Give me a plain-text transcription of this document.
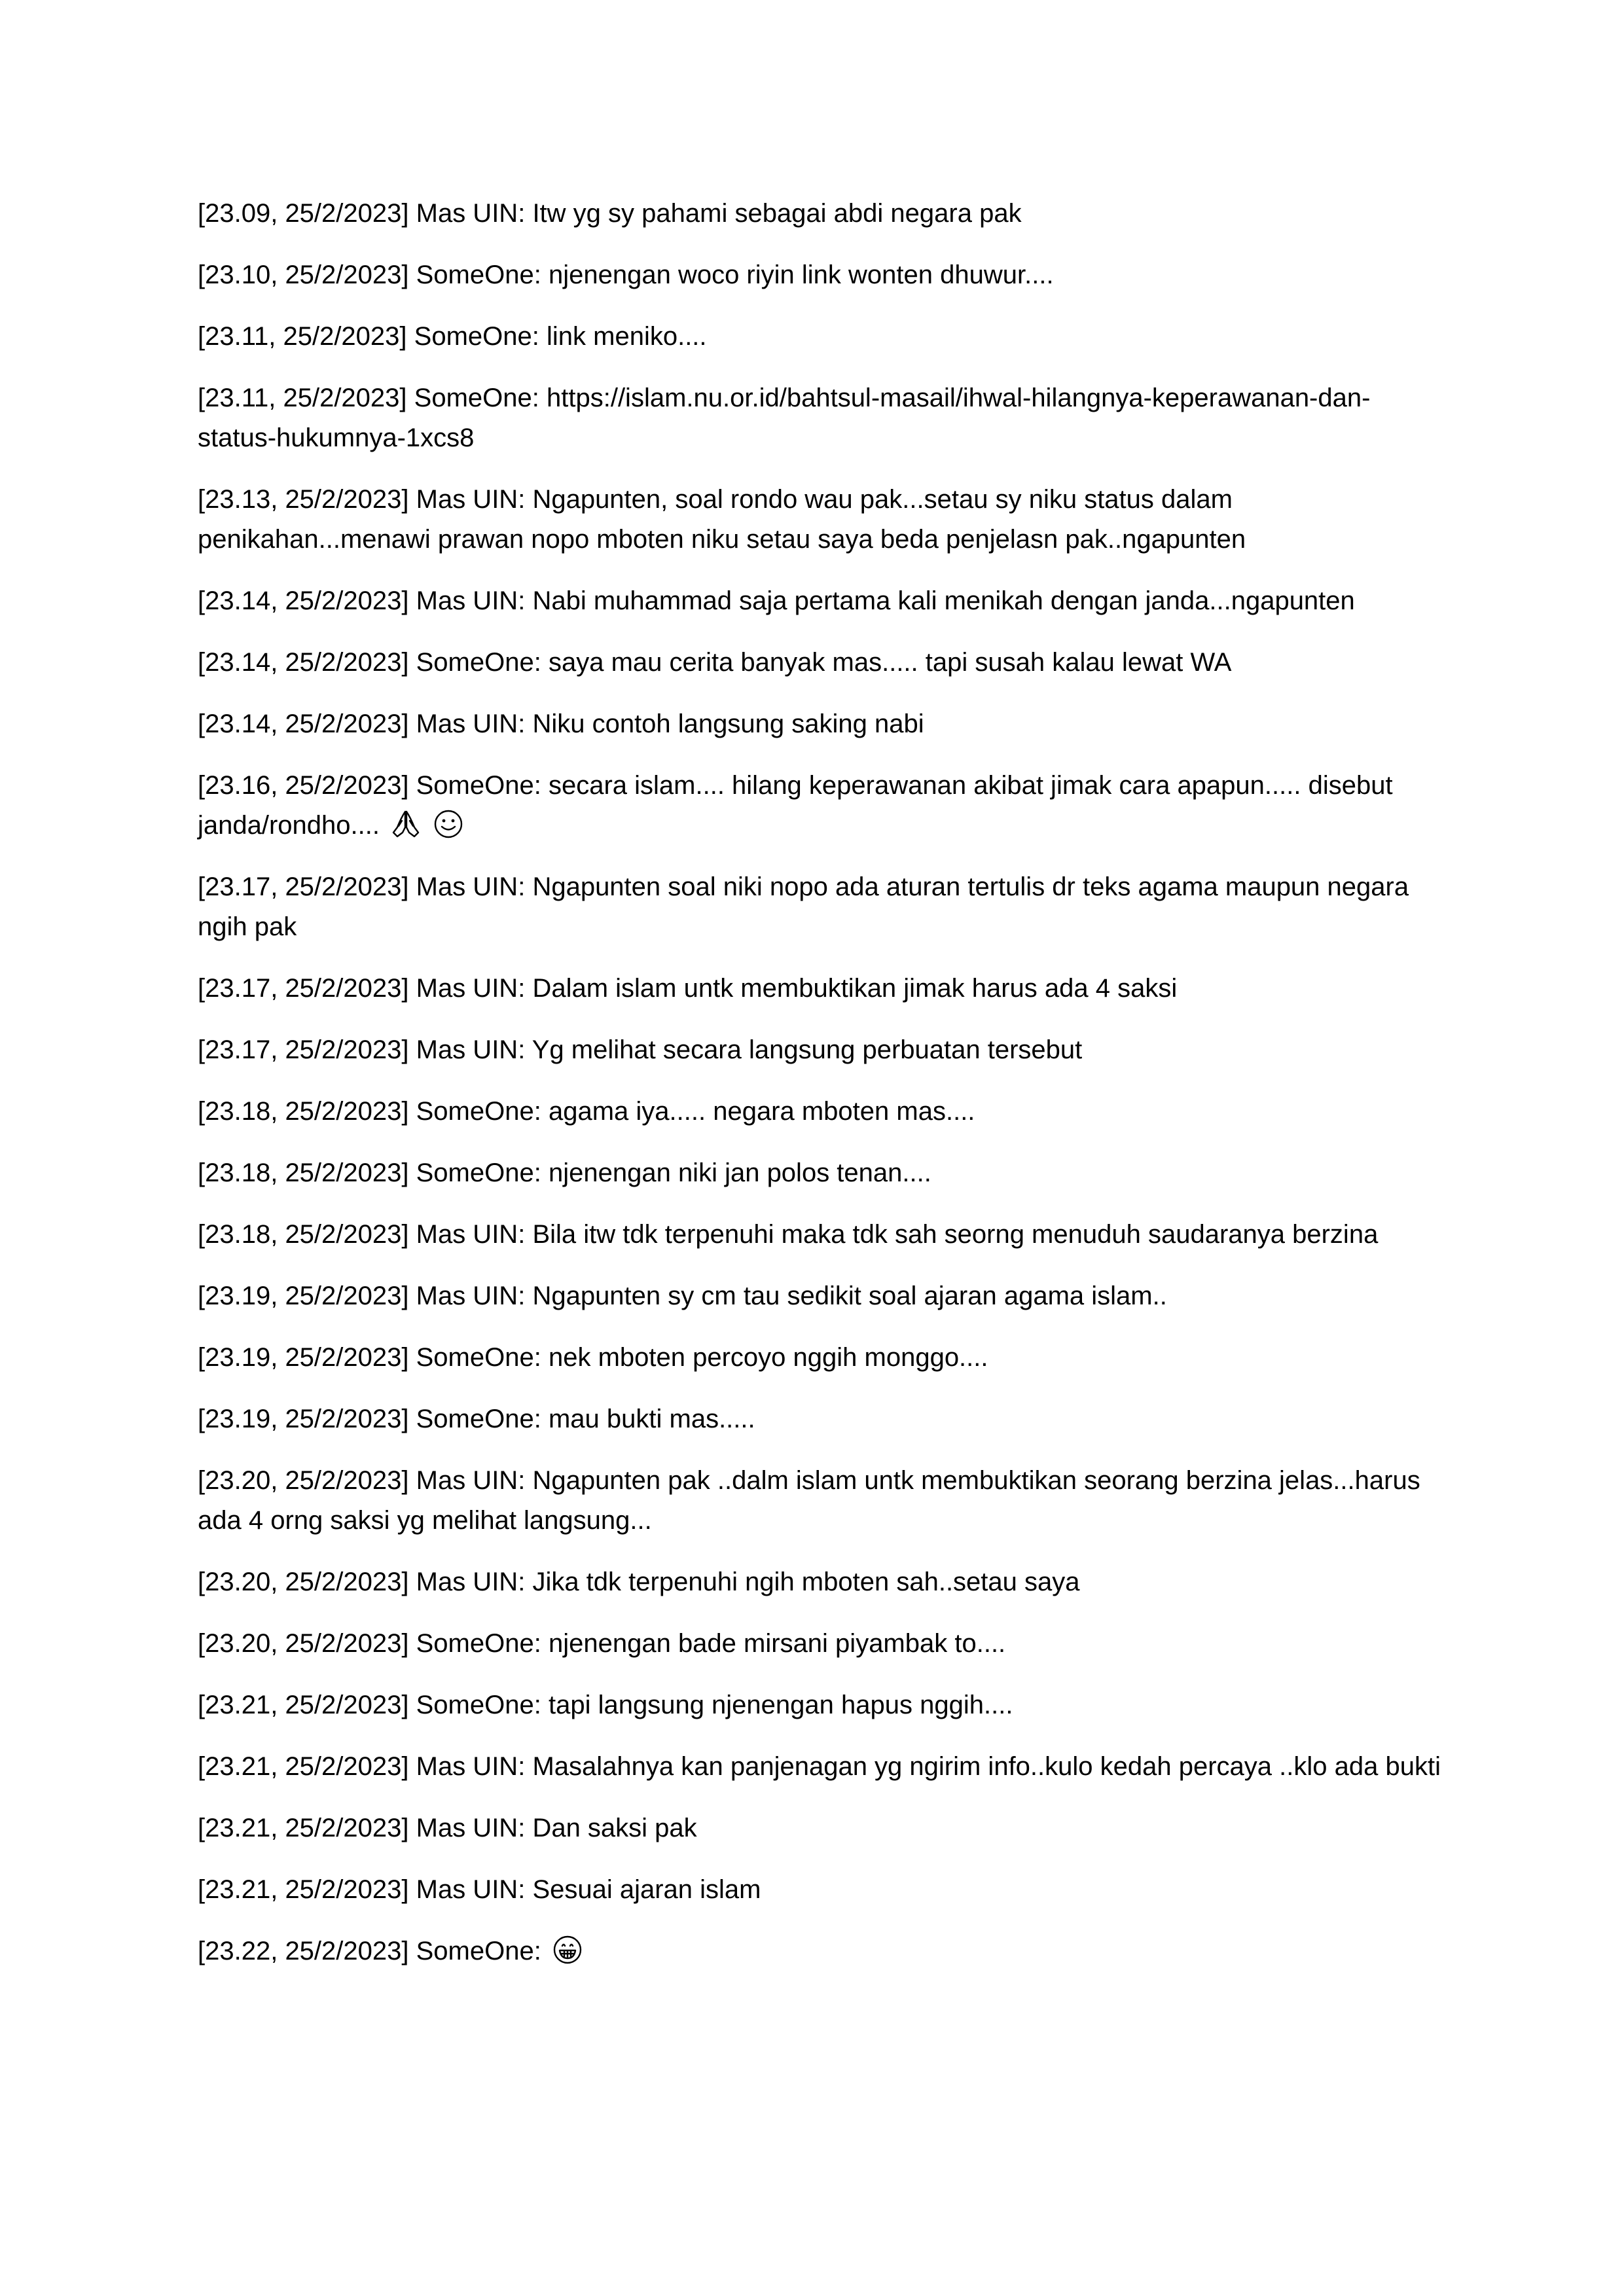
[23.09, 25/2/2023] Mas UIN: Itw yg sy pahami sebagai abdi negara pak
[23.10, 25/2/2023] SomeOne: njenengan woco riyin link wonten dhuwur....
[23.11, 25/2/2023] SomeOne: link meniko....
[23.11, 25/2/2023] SomeOne: https://islam.nu.or.id/bahtsul-masail/ihwal-hilangnya-keperawanan-dan-status-hukumnya-1xcs8
[23.13, 25/2/2023] Mas UIN: Ngapunten, soal rondo wau pak...setau sy niku status dalam penikahan...menawi prawan nopo mboten niku setau saya beda penjelasn pak..ngapunten
[23.14, 25/2/2023] Mas UIN: Nabi muhammad saja pertama kali menikah dengan janda...ngapunten
[23.14, 25/2/2023] SomeOne: saya mau cerita banyak mas..... tapi susah kalau lewat WA
[23.14, 25/2/2023] Mas UIN: Niku contoh langsung saking nabi
[23.16, 25/2/2023] SomeOne: secara islam.... hilang keperawanan akibat jimak cara apapun..... disebut janda/rondho....
[23.17, 25/2/2023] Mas UIN: Ngapunten soal niki nopo ada aturan tertulis dr teks agama maupun negara ngih pak
[23.17, 25/2/2023] Mas UIN: Dalam islam untk membuktikan jimak harus ada 4 saksi
[23.17, 25/2/2023] Mas UIN: Yg melihat secara langsung perbuatan tersebut
[23.18, 25/2/2023] SomeOne: agama iya..... negara mboten mas....
[23.18, 25/2/2023] SomeOne: njenengan niki jan polos tenan....
[23.18, 25/2/2023] Mas UIN: Bila itw tdk terpenuhi maka tdk sah seorng menuduh saudaranya berzina
[23.19, 25/2/2023] Mas UIN: Ngapunten sy cm tau sedikit soal ajaran agama islam..
[23.19, 25/2/2023] SomeOne: nek mboten percoyo nggih monggo....
[23.19, 25/2/2023] SomeOne: mau bukti mas.....
[23.20, 25/2/2023] Mas UIN: Ngapunten pak ..dalm islam untk membuktikan seorang berzina jelas...harus ada 4 orng saksi yg melihat langsung...
[23.20, 25/2/2023] Mas UIN: Jika tdk terpenuhi ngih mboten sah..setau saya
[23.20, 25/2/2023] SomeOne: njenengan bade mirsani piyambak to....
[23.21, 25/2/2023] SomeOne: tapi langsung njenengan hapus nggih....
[23.21, 25/2/2023] Mas UIN: Masalahnya kan panjenagan yg ngirim info..kulo kedah percaya ..klo ada bukti
[23.21, 25/2/2023] Mas UIN: Dan saksi pak
[23.21, 25/2/2023] Mas UIN: Sesuai ajaran islam
[23.22, 25/2/2023] SomeOne:
